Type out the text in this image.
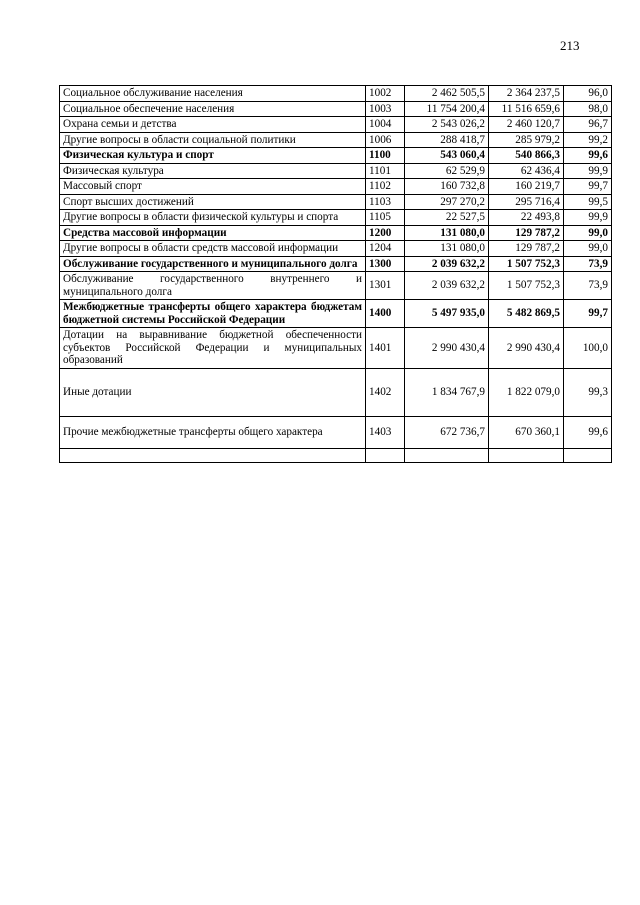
213
Социальное обслуживание населения	1002	2 462 505,5	2 364 237,5	96,0
Социальное обеспечение населения	1003	11 754 200,4	11 516 659,6	98,0
Охрана семьи и детства	1004	2 543 026,2	2 460 120,7	96,7
Другие вопросы в области социальной политики	1006	288 418,7	285 979,2	99,2
Физическая культура и спорт	1100	543 060,4	540 866,3	99,6
Физическая культура	1101	62 529,9	62 436,4	99,9
Массовый спорт	1102	160 732,8	160 219,7	99,7
Спорт высших достижений	1103	297 270,2	295 716,4	99,5
Другие вопросы в области физической культуры и спорта	1105	22 527,5	22 493,8	99,9
Средства массовой информации	1200	131 080,0	129 787,2	99,0
Другие вопросы в области средств массовой информации	1204	131 080,0	129 787,2	99,0
Обслуживание государственного и муниципального долга	1300	2 039 632,2	1 507 752,3	73,9
Обслуживание государственного внутреннего и муниципального долга	1301	2 039 632,2	1 507 752,3	73,9
Межбюджетные трансферты общего характера бюджетам бюджетной системы Российской Федерации	1400	5 497 935,0	5 482 869,5	99,7
Дотации на выравнивание бюджетной обеспеченности субъектов Российской Федерации и муниципальных образований	1401	2 990 430,4	2 990 430,4	100,0
Иные дотации	1402	1 834 767,9	1 822 079,0	99,3
Прочие межбюджетные трансферты общего характера	1403	672 736,7	670 360,1	99,6
